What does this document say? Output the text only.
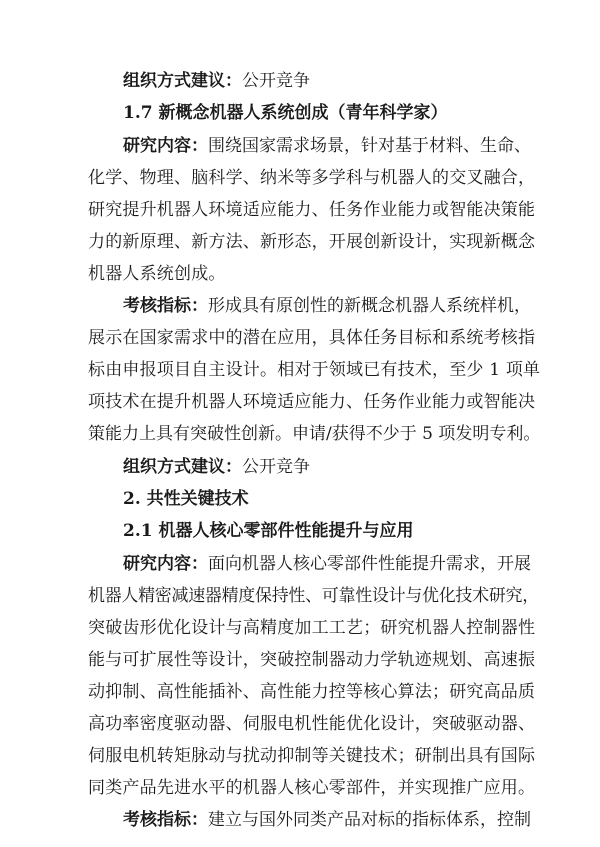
组织方式建议：公开竞争
1.7 新概念机器人系统创成（青年科学家）
研究内容：围绕国家需求场景，针对基于材料、生命、
化学、物理、脑科学、纳米等多学科与机器人的交叉融合，
研究提升机器人环境适应能力、任务作业能力或智能决策能
力的新原理、新方法、新形态，开展创新设计，实现新概念
机器人系统创成。
考核指标：形成具有原创性的新概念机器人系统样机，
展示在国家需求中的潜在应用，具体任务目标和系统考核指
标由申报项目自主设计。相对于领域已有技术，至少 1 项单
项技术在提升机器人环境适应能力、任务作业能力或智能决
策能力上具有突破性创新。申请/获得不少于 5 项发明专利。
组织方式建议：公开竞争
2. 共性关键技术
2.1 机器人核心零部件性能提升与应用
研究内容：面向机器人核心零部件性能提升需求，开展
机器人精密减速器精度保持性、可靠性设计与优化技术研究，
突破齿形优化设计与高精度加工工艺；研究机器人控制器性
能与可扩展性等设计，突破控制器动力学轨迹规划、高速振
动抑制、高性能插补、高性能力控等核心算法；研究高品质
高功率密度驱动器、伺服电机性能优化设计，突破驱动器、
伺服电机转矩脉动与扰动抑制等关键技术；研制出具有国际
同类产品先进水平的机器人核心零部件，并实现推广应用。
考核指标：建立与国外同类产品对标的指标体系，控制
